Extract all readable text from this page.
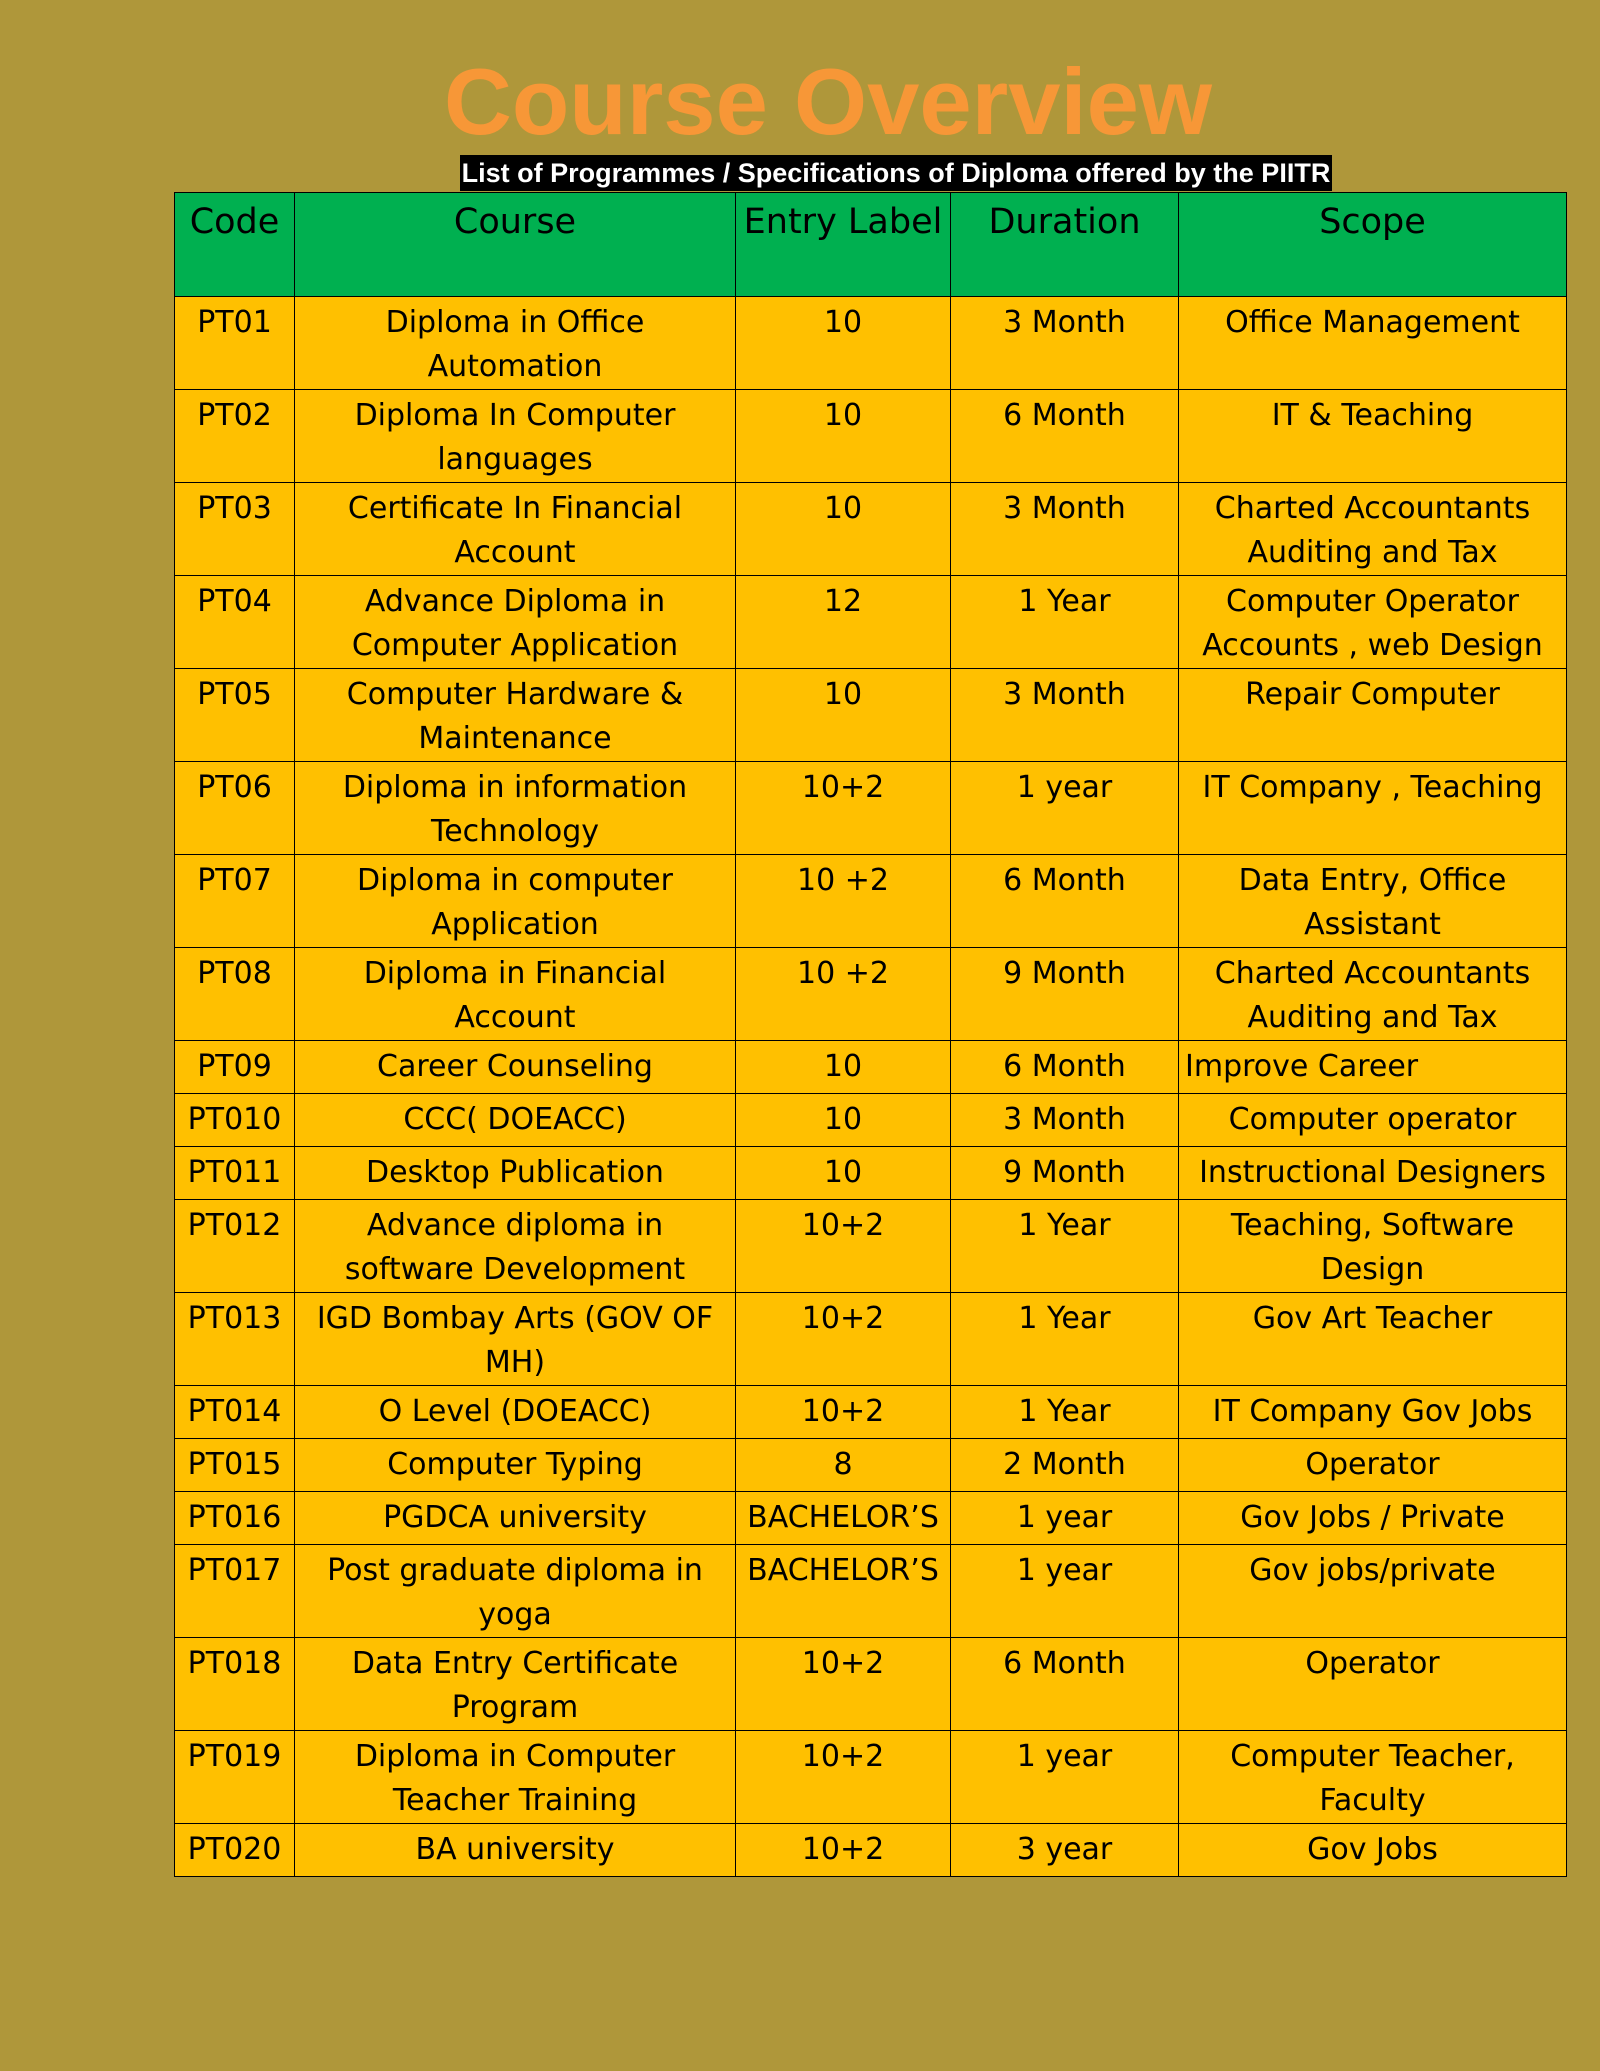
Course Overview
List of Programmes / Specifications of Diploma offered by the PIITR
Code	Course	Entry Label	Duration	Scope
PT01	Diploma in Office Automation	10	3 Month	Office Management
PT02	Diploma In Computer languages	10	6 Month	IT & Teaching
PT03	Certificate In Financial Account	10	3 Month	Charted Accountants Auditing and Tax
PT04	Advance Diploma in Computer Application	12	1 Year	Computer Operator Accounts , web Design
PT05	Computer Hardware & Maintenance	10	3 Month	Repair Computer
PT06	Diploma in information Technology	10+2	1 year	IT Company , Teaching
PT07	Diploma in computer Application	10 +2	6 Month	Data Entry, Office Assistant
PT08	Diploma in Financial Account	10 +2	9 Month	Charted Accountants Auditing and Tax
PT09	Career Counseling	10	6 Month	Improve Career
PT010	CCC( DOEACC)	10	3 Month	Computer operator
PT011	Desktop Publication	10	9 Month	Instructional Designers
PT012	Advance diploma in software Development	10+2	1 Year	Teaching, Software Design
PT013	IGD Bombay Arts (GOV OF MH)	10+2	1 Year	Gov Art Teacher
PT014	O Level (DOEACC)	10+2	1 Year	IT Company Gov Jobs
PT015	Computer Typing	8	2 Month	Operator
PT016	PGDCA university	BACHELOR’S	1 year	Gov Jobs / Private
PT017	Post graduate diploma in yoga	BACHELOR’S	1 year	Gov jobs/private
PT018	Data Entry Certificate Program	10+2	6 Month	Operator
PT019	Diploma in Computer Teacher Training	10+2	1 year	Computer Teacher, Faculty
PT020	BA university	10+2	3 year	Gov Jobs
